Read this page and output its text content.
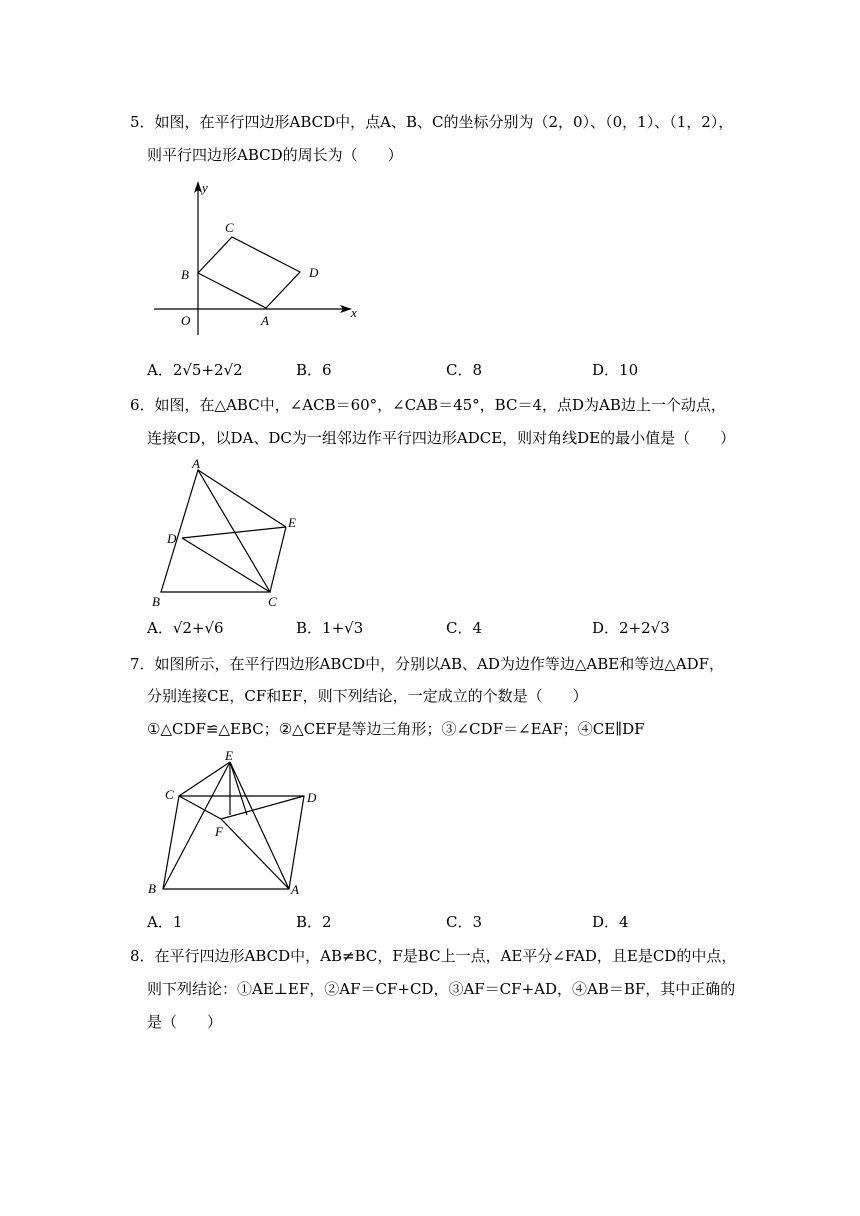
5．如图，在平行四边形ABCD中，点A、B、C的坐标分别为（2，0）、（0，1）、（1，2），
则平行四边形ABCD的周长为（　　）
y
x
O	A
B
C
D
A．2√5+2√2	B．6	C．8	D．10
6．如图，在△ABC中，∠ACB＝60°，∠CAB＝45°，BC＝4，点D为AB边上一个动点，
连接CD，以DA、DC为一组邻边作平行四边形ADCE，则对角线DE的最小值是（　　）
A
B	C
D
E
A．√2+√6	B．1+√3	C．4	D．2+2√3
7．如图所示，在平行四边形ABCD中，分别以AB、AD为边作等边△ABE和等边△ADF，
分别连接CE，CF和EF，则下列结论，一定成立的个数是（　　）
①△CDF≌△EBC；②△CEF是等边三角形；③∠CDF＝∠EAF；④CE∥DF
E
C	D
F
B	A
A．1	B．2	C．3	D．4
8．在平行四边形ABCD中，AB≠BC，F是BC上一点，AE平分∠FAD，且E是CD的中点，
则下列结论：①AE⊥EF，②AF＝CF+CD，③AF＝CF+AD，④AB＝BF，其中正确的
是（　　）
